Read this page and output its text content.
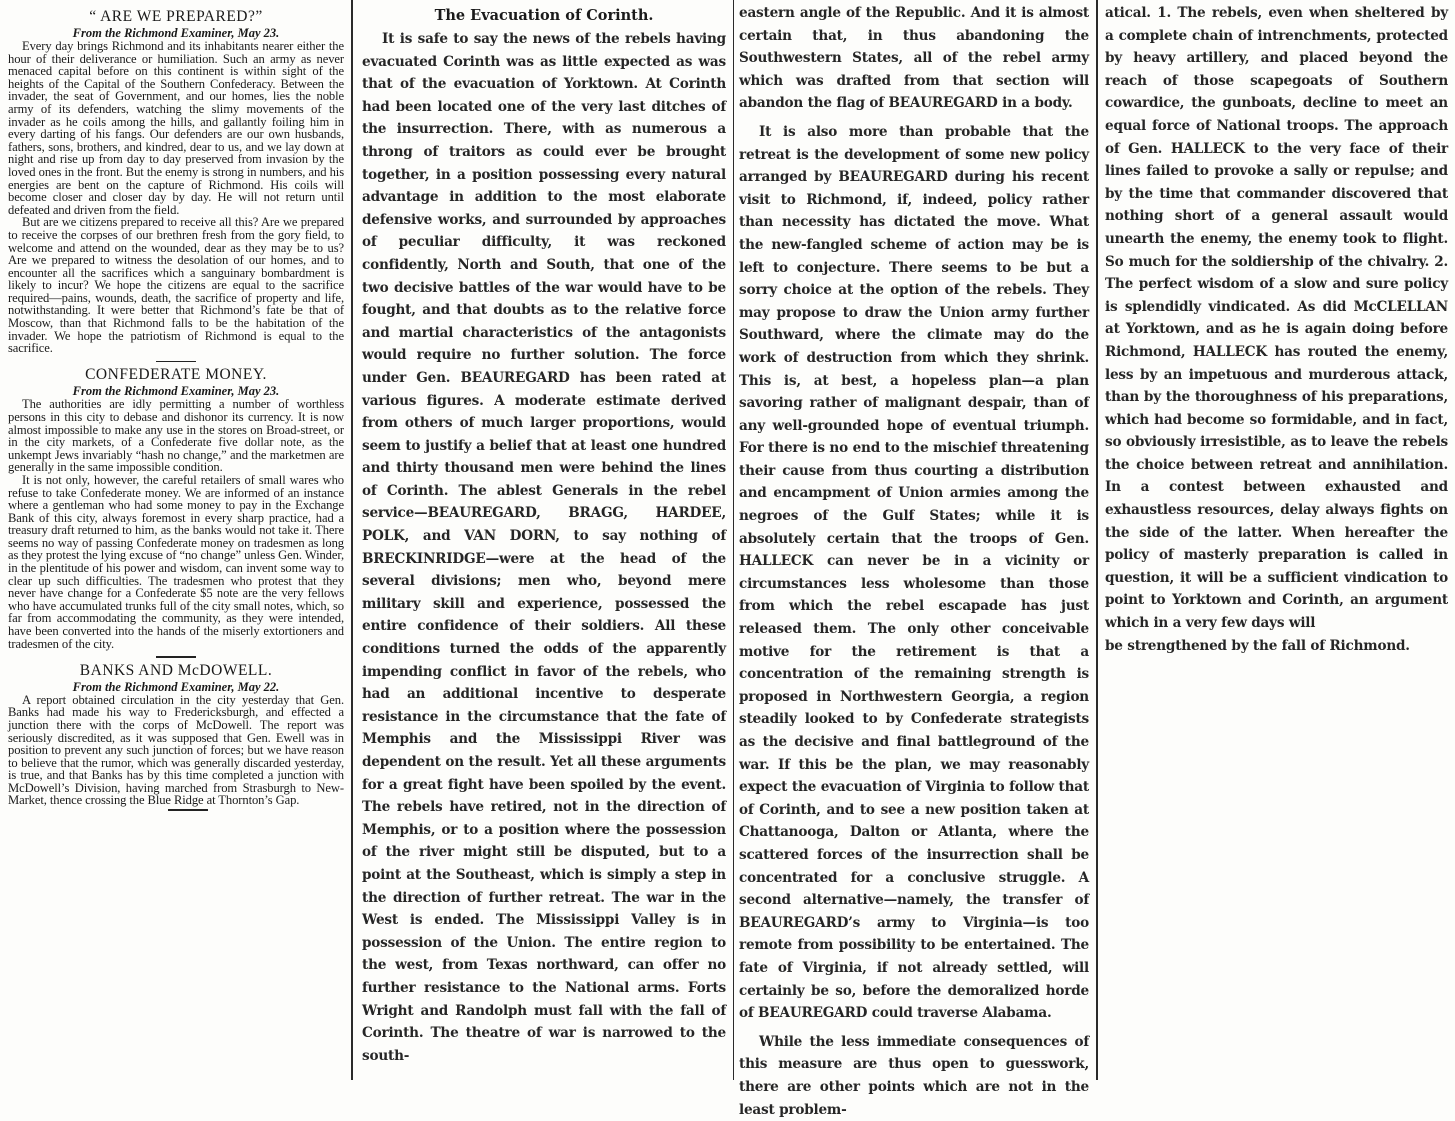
“ ARE WE PREPARED?”
From the Richmond Examiner, May 23.

Every day brings Richmond and its inhabitants nearer either the hour of their deliverance or humiliation. Such an army as never menaced capital before on this continent is within sight of the heights of the Capital of the Southern Confederacy. Between the invader, the seat of Government, and our homes, lies the noble army of its defenders, watching the slimy movements of the invader as he coils among the hills, and gallantly foiling him in every darting of his fangs. Our defenders are our own husbands, fathers, sons, brothers, and kindred, dear to us, and we lay down at night and rise up from day to day preserved from invasion by the loved ones in the front. But the enemy is strong in numbers, and his energies are bent on the capture of Richmond. His coils will become closer and closer day by day. He will not return until defeated and driven from the field.

But are we citizens prepared to receive all this? Are we prepared to receive the corpses of our brethren fresh from the gory field, to welcome and attend on the wounded, dear as they may be to us? Are we prepared to witness the desolation of our homes, and to encounter all the sacrifices which a sanguinary bombardment is likely to incur? We hope the citizens are equal to the sacrifice required—pains, wounds, death, the sacrifice of property and life, notwithstanding. It were better that Richmond’s fate be that of Moscow, than that Richmond falls to be the habitation of the invader. We hope the patriotism of Richmond is equal to the sacrifice.

CONFEDERATE MONEY.
From the Richmond Examiner, May 23.

The authorities are idly permitting a number of worthless persons in this city to debase and dishonor its currency. It is now almost impossible to make any use in the stores on Broad-street, or in the city markets, of a Confederate five dollar note, as the unkempt Jews invariably “hash no change,” and the marketmen are generally in the same impossible condition.

It is not only, however, the careful retailers of small wares who refuse to take Confederate money. We are informed of an instance where a gentleman who had some money to pay in the Exchange Bank of this city, always foremost in every sharp practice, had a treasury draft returned to him, as the banks would not take it. There seems no way of passing Confederate money on tradesmen as long as they protest the lying excuse of “no change” unless Gen. Winder, in the plentitude of his power and wisdom, can invent some way to clear up such difficulties. The tradesmen who protest that they never have change for a Confederate $5 note are the very fellows who have accumulated trunks full of the city small notes, which, so far from accommodating the community, as they were intended, have been converted into the hands of the miserly extortioners and tradesmen of the city.

BANKS AND McDOWELL.
From the Richmond Examiner, May 22.

A report obtained circulation in the city yesterday that Gen. Banks had made his way to Fredericksburgh, and effected a junction there with the corps of McDowell. The report was seriously discredited, as it was supposed that Gen. Ewell was in position to prevent any such junction of forces; but we have reason to believe that the rumor, which was generally discarded yesterday, is true, and that Banks has by this time completed a junction with McDowell’s Division, having marched from Strasburgh to New-Market, thence crossing the Blue Ridge at Thornton’s Gap.

The Evacuation of Corinth.

It is safe to say the news of the rebels having evacuated Corinth was as little expected as was that of the evacuation of Yorktown. At Corinth had been located one of the very last ditches of the insurrection. There, with as numerous a throng of traitors as could ever be brought together, in a position possessing every natural advantage in addition to the most elaborate defensive works, and surrounded by approaches of peculiar difficulty, it was reckoned confidently, North and South, that one of the two decisive battles of the war would have to be fought, and that doubts as to the relative force and martial characteristics of the antagonists would require no further solution. The force under Gen. BEAUREGARD has been rated at various figures. A moderate estimate derived from others of much larger proportions, would seem to justify a belief that at least one hundred and thirty thousand men were behind the lines of Corinth. The ablest Generals in the rebel service—BEAUREGARD, BRAGG, HARDEE, POLK, and VAN DORN, to say nothing of BRECKINRIDGE—were at the head of the several divisions; men who, beyond mere military skill and experience, possessed the entire confidence of their soldiers. All these conditions turned the odds of the apparently impending conflict in favor of the rebels, who had an additional incentive to desperate resistance in the circumstance that the fate of Memphis and the Mississippi River was dependent on the result. Yet all these arguments for a great fight have been spoiled by the event. The rebels have retired, not in the direction of Memphis, or to a position where the possession of the river might still be disputed, but to a point at the Southeast, which is simply a step in the direction of further retreat. The war in the West is ended. The Mississippi Valley is in possession of the Union. The entire region to the west, from Texas northward, can offer no further resistance to the National arms. Forts Wright and Randolph must fall with the fall of Corinth. The theatre of war is narrowed to the south-

eastern angle of the Republic. And it is almost certain that, in thus abandoning the Southwestern States, all of the rebel army which was drafted from that section will abandon the flag of BEAUREGARD in a body.

It is also more than probable that the retreat is the development of some new policy arranged by BEAUREGARD during his recent visit to Richmond, if, indeed, policy rather than necessity has dictated the move. What the new-fangled scheme of action may be is left to conjecture. There seems to be but a sorry choice at the option of the rebels. They may propose to draw the Union army further Southward, where the climate may do the work of destruction from which they shrink. This is, at best, a hopeless plan—a plan savoring rather of malignant despair, than of any well-grounded hope of eventual triumph. For there is no end to the mischief threatening their cause from thus courting a distribution and encampment of Union armies among the negroes of the Gulf States; while it is absolutely certain that the troops of Gen. HALLECK can never be in a vicinity or circumstances less wholesome than those from which the rebel escapade has just released them. The only other conceivable motive for the retirement is that a concentration of the remaining strength is proposed in Northwestern Georgia, a region steadily looked to by Confederate strategists as the decisive and final battleground of the war. If this be the plan, we may reasonably expect the evacuation of Virginia to follow that of Corinth, and to see a new position taken at Chattanooga, Dalton or Atlanta, where the scattered forces of the insurrection shall be concentrated for a conclusive struggle. A second alternative—namely, the transfer of BEAUREGARD’s army to Virginia—is too remote from possibility to be entertained. The fate of Virginia, if not already settled, will certainly be so, before the demoralized horde of BEAUREGARD could traverse Alabama.

While the less immediate consequences of this measure are thus open to guesswork, there are other points which are not in the least problem-

atical. 1. The rebels, even when sheltered by a complete chain of intrenchments, protected by heavy artillery, and placed beyond the reach of those scapegoats of Southern cowardice, the gunboats, decline to meet an equal force of National troops. The approach of Gen. HALLECK to the very face of their lines failed to provoke a sally or repulse; and by the time that commander discovered that nothing short of a general assault would unearth the enemy, the enemy took to flight. So much for the soldiership of the chivalry. 2. The perfect wisdom of a slow and sure policy is splendidly vindicated. As did McCLELLAN at Yorktown, and as he is again doing before Richmond, HALLECK has routed the enemy, less by an impetuous and murderous attack, than by the thoroughness of his preparations, which had become so formidable, and in fact, so obviously irresistible, as to leave the rebels the choice between retreat and annihilation. In a contest between exhausted and exhaustless resources, delay always fights on the side of the latter. When hereafter the policy of masterly preparation is called in question, it will be a sufficient vindication to point to Yorktown and Corinth, an argument which in a very few days will

be strengthened by the fall of Richmond.
